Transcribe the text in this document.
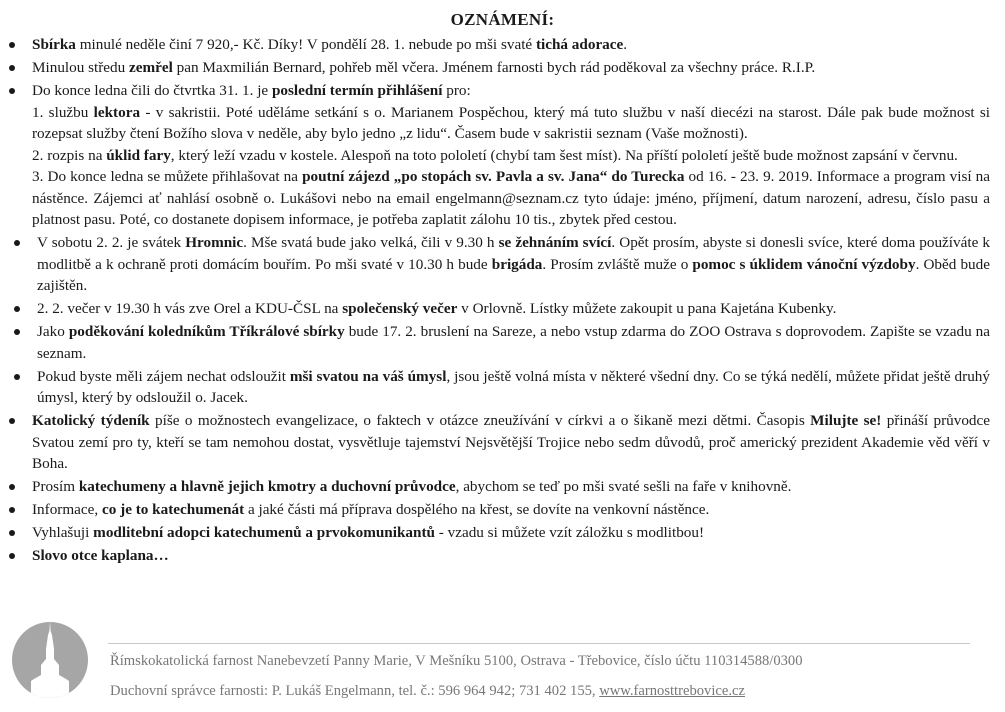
OZNÁMENÍ:
Sbírka minulé neděle činí 7 920,- Kč. Díky! V pondělí 28. 1. nebude po mši svaté tichá adorace.
Minulou středu zemřel pan Maxmilián Bernard, pohřeb měl včera. Jménem farnosti bych rád poděkoval za všechny práce. R.I.P.
Do konce ledna čili do čtvrtka 31. 1. je poslední termín přihlášení pro:
1. službu lektora - v sakristii. Poté uděláme setkání s o. Marianem Pospěchou, který má tuto službu v naší diecézi na starost. Dále pak bude možnost si rozepsat služby čtení Božího slova v neděle, aby bylo jedno „z lidu“. Časem bude v sakristii seznam (Vaše možnosti).
2. rozpis na úklid fary, který leží vzadu v kostele. Alespoň na toto pololetí (chybí tam šest míst). Na příští pololetí ještě bude možnost zapsání v červnu.
3. Do konce ledna se můžete přihlašovat na poutní zájezd „po stopách sv. Pavla a sv. Jana“ do Turecka od 16. - 23. 9. 2019. Informace a program visí na nástěnce. Zájemci ať nahlásí osobně o. Lukášovi nebo na email engelmann@seznam.cz tyto údaje: jméno, příjmení, datum narození, adresu, číslo pasu a platnost pasu. Poté, co dostanete dopisem informace, je potřeba zaplatit zálohu 10 tis., zbytek před cestou.
V sobotu 2. 2. je svátek Hromnic. Mše svatá bude jako velká, čili v 9.30 h se žehnáním svící. Opět prosím, abyste si donesli svíce, které doma používáte k modlitbě a k ochraně proti domácím bouřím. Po mši svaté v 10.30 h bude brigáda. Prosím zvláště muže o pomoc s úklidem vánoční výzdoby. Oběd bude zajištěn.
2. 2. večer v 19.30 h vás zve Orel a KDU-ČSL na společenský večer v Orlovně. Lístky můžete zakoupit u pana Kajetána Kubenky.
Jako poděkování koledníkům Tříkrálové sbírky bude 17. 2. bruslení na Sareze, a nebo vstup zdarma do ZOO Ostrava s doprovodem. Zapište se vzadu na seznam.
Pokud byste měli zájem nechat odsloužit mši svatou na váš úmysl, jsou ještě volná místa v některé všední dny. Co se týká nedělí, můžete přidat ještě druhý úmysl, který by odsloužil o. Jacek.
Katolický týdeník píše o možnostech evangelizace, o faktech v otázce zneužívání v církvi a o šikaně mezi dětmi. Časopis Milujte se! přináší průvodce Svatou zemí pro ty, kteří se tam nemohou dostat, vysvětluje tajemství Nejsvětější Trojice nebo sedm důvodů, proč americký prezident Akademie věd věří v Boha.
Prosím katechumeny a hlavně jejich kmotry a duchovní průvodce, abychom se teď po mši svaté sešli na faře v knihovně.
Informace, co je to katechumenát a jaké části má příprava dospělého na křest, se dovíte na venkovní nástěnce.
Vyhlašuji modlitební adopci katechumenů a prvokomunikantů - vzadu si můžete vzít záložku s modlitbou!
Slovo otce kaplana…
Římskokatolická farnost Nanebevzetí Panny Marie, V Mešníku 5100, Ostrava - Třebovice, číslo účtu 110314588/0300
Duchovní správce farnosti: P. Lukáš Engelmann, tel. č.: 596 964 942; 731 402 155, www.farnosttrebovice.cz
